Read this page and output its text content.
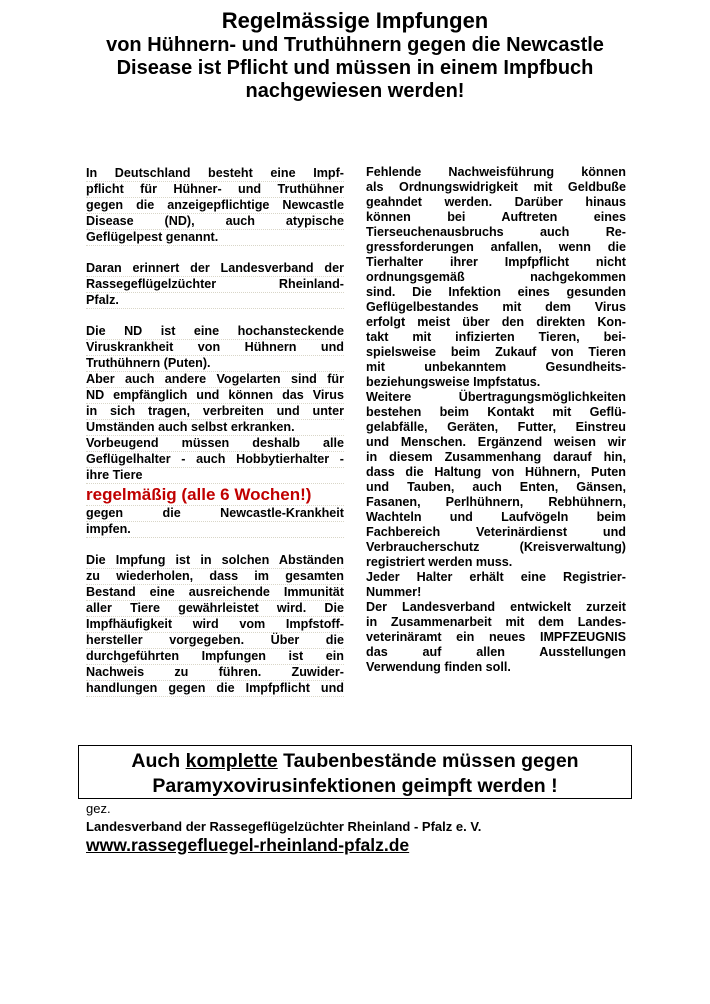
Regelmässige Impfungen
von Hühnern- und Truthühnern gegen die Newcastle
Disease ist Pflicht und müssen in einem Impfbuch
nachgewiesen werden!
In Deutschland besteht eine Impf-
pflicht für Hühner- und Truthühner
gegen die anzeigepflichtige Newcastle
Disease (ND), auch atypische
Geflügelpest genannt.
Daran erinnert der Landesverband der
Rassegeflügelzüchter Rheinland-
Pfalz.
Die ND ist eine hochansteckende
Viruskrankheit von Hühnern und
Truthühnern (Puten).
Aber auch andere Vogelarten sind für
ND empfänglich und können das Virus
in sich tragen, verbreiten und unter
Umständen auch selbst erkranken.
Vorbeugend müssen deshalb alle
Geflügelhalter - auch Hobbytierhalter -
ihre Tiere
regelmäßig (alle 6 Wochen!)
gegen die Newcastle-Krankheit
impfen.
Die Impfung ist in solchen Abständen
zu wiederholen, dass im gesamten
Bestand eine ausreichende Immunität
aller Tiere gewährleistet wird. Die
Impfhäufigkeit wird vom Impfstoff-
hersteller vorgegeben. Über die
durchgeführten Impfungen ist ein
Nachweis zu führen. Zuwider-
handlungen gegen die Impfpflicht und
Fehlende Nachweisführung können
als Ordnungswidrigkeit mit Geldbuße
geahndet werden. Darüber hinaus
können bei Auftreten eines
Tierseuchenausbruchs auch Re-
gressforderungen anfallen, wenn die
Tierhalter ihrer Impfpflicht nicht
ordnungsgemäß nachgekommen
sind. Die Infektion eines gesunden
Geflügelbestandes mit dem Virus
erfolgt meist über den direkten Kon-
takt mit infizierten Tieren, bei-
spielsweise beim Zukauf von Tieren
mit unbekanntem Gesundheits-
beziehungsweise Impfstatus.
Weitere Übertragungsmöglichkeiten
bestehen beim Kontakt mit Geflü-
gelabfälle, Geräten, Futter, Einstreu
und Menschen. Ergänzend weisen wir
in diesem Zusammenhang darauf hin,
dass die Haltung von Hühnern, Puten
und Tauben, auch Enten, Gänsen,
Fasanen, Perlhühnern, Rebhühnern,
Wachteln und Laufvögeln beim
Fachbereich Veterinärdienst und
Verbraucherschutz (Kreisverwaltung)
registriert werden muss.
Jeder Halter erhält eine Registrier-
Nummer!
Der Landesverband entwickelt zurzeit
in Zusammenarbeit mit dem Landes-
veterinäramt ein neues IMPFZEUGNIS
das auf allen Ausstellungen
Verwendung finden soll.
Auch komplette Taubenbestände müssen gegen
Paramyxovirusinfektionen geimpft werden !
gez.
Landesverband der Rassegeflügelzüchter Rheinland - Pfalz e. V.
www.rassegefluegel-rheinland-pfalz.de
